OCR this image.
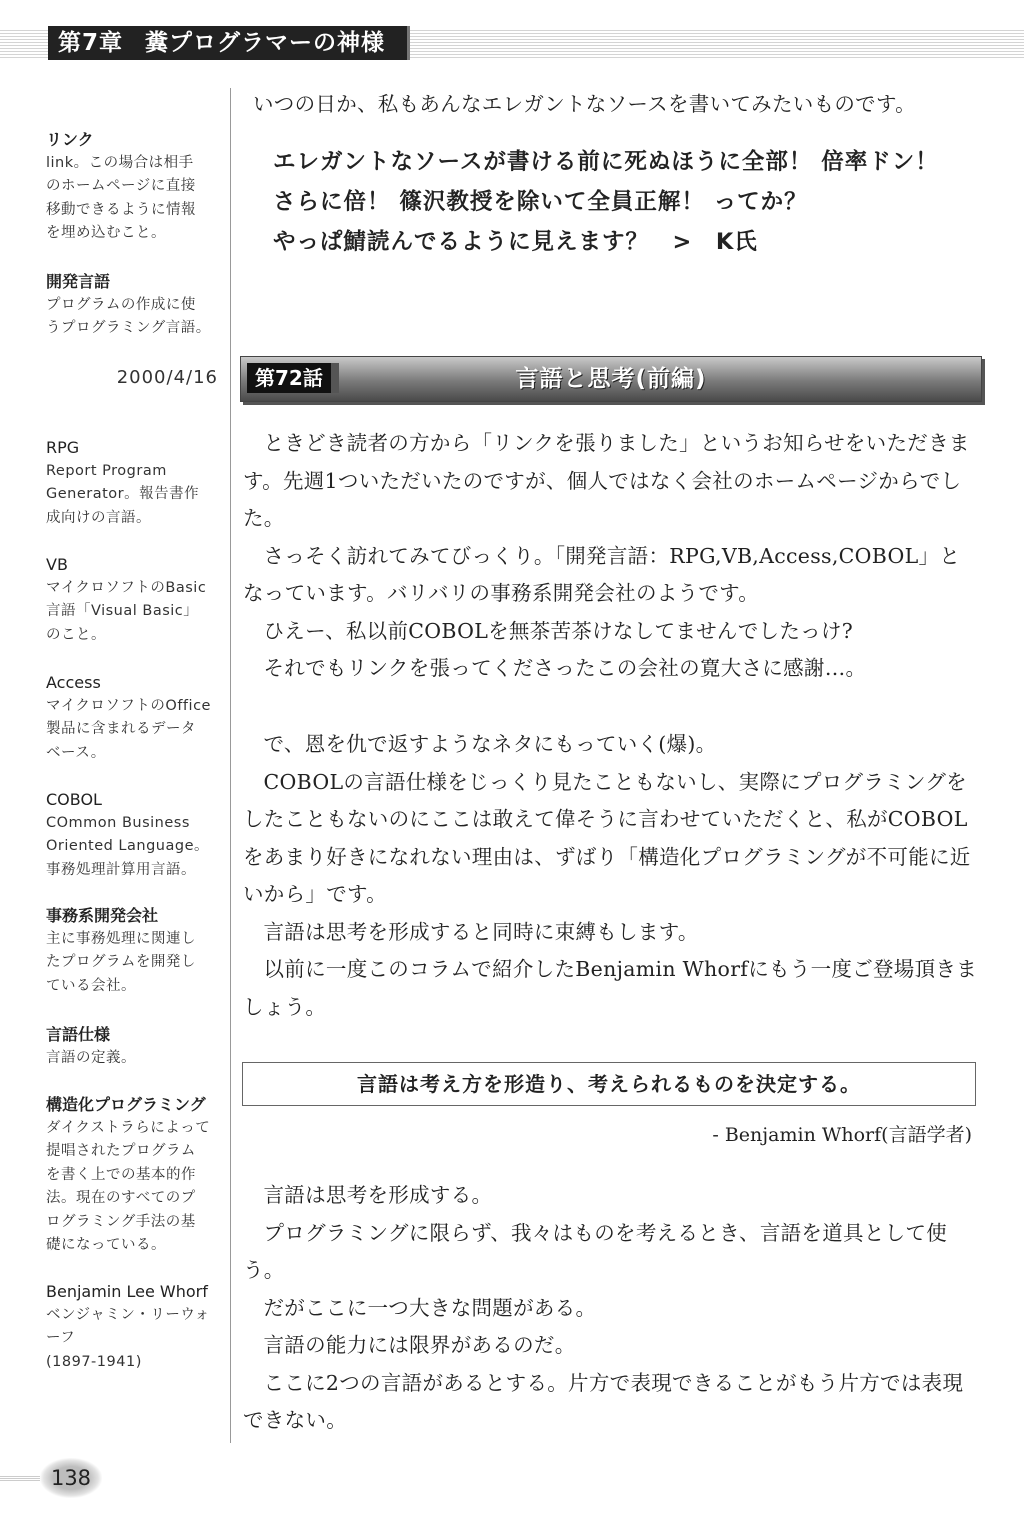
第7章 糞プログラマーの神様
リンク
link。この場合は相手
のホームページに直接
移動できるように情報
を埋め込むこと。
開発言語
プログラムの作成に使
うプログラミング言語。
2000/4/16
RPG
Report Program
Generator。報告書作
成向けの言語。
VB
マイクロソフトのBasic
言語「Visual Basic」
のこと。
Access
マイクロソフトのOffice
製品に含まれるデータ
ベース。
COBOL
COmmon Business
Oriented Language。
事務処理計算用言語。
事務系開発会社
主に事務処理に関連し
たプログラムを開発し
ている会社。
言語仕様
言語の定義。
構造化プログラミング
ダイクストラらによって
提唱されたプログラム
を書く上での基本的作
法。現在のすべてのプ
ログラミング手法の基
礎になっている。
Benjamin Lee Whorf
ベンジャミン・リーウォ
ーフ
(1897-1941)

いつの日か、私もあんなエレガントなソースを書いてみたいものです。

エレガントなソースが書ける前に死ぬほうに全部！ 倍率ドン！
さらに倍！ 篠沢教授を除いて全員正解！ ってか？
やっぱ鯖読んでるように見えます？　>　K氏
言語と思考(前編)
第72話

ときどき読者の方から「リンクを張りました」というお知らせをいただきます。先週1ついただいたのですが、個人ではなく会社のホームページからでした。

さっそく訪れてみてびっくり。「開発言語：RPG,VB,Access,COBOL」となっています。バリバリの事務系開発会社のようです。

ひえー、私以前COBOLを無茶苦茶けなしてませんでしたっけ?

それでもリンクを張ってくださったこの会社の寛大さに感謝…。

で、恩を仇で返すようなネタにもっていく(爆)。

COBOLの言語仕様をじっくり見たこともないし、実際にプログラミングをしたこともないのにここは敢えて偉そうに言わせていただくと、私がCOBOLをあまり好きになれない理由は、ずばり「構造化プログラミングが不可能に近いから」です。

言語は思考を形成すると同時に束縛もします。

以前に一度このコラムで紹介したBenjamin Whorfにもう一度ご登場頂きましょう。

言語は考え方を形造り、考えられるものを決定する。
- Benjamin Whorf(言語学者)

言語は思考を形成する。

プログラミングに限らず、我々はものを考えるとき、言語を道具として使う。

だがここに一つ大きな問題がある。

言語の能力には限界があるのだ。

ここに2つの言語があるとする。片方で表現できることがもう片方では表現できない。

138
